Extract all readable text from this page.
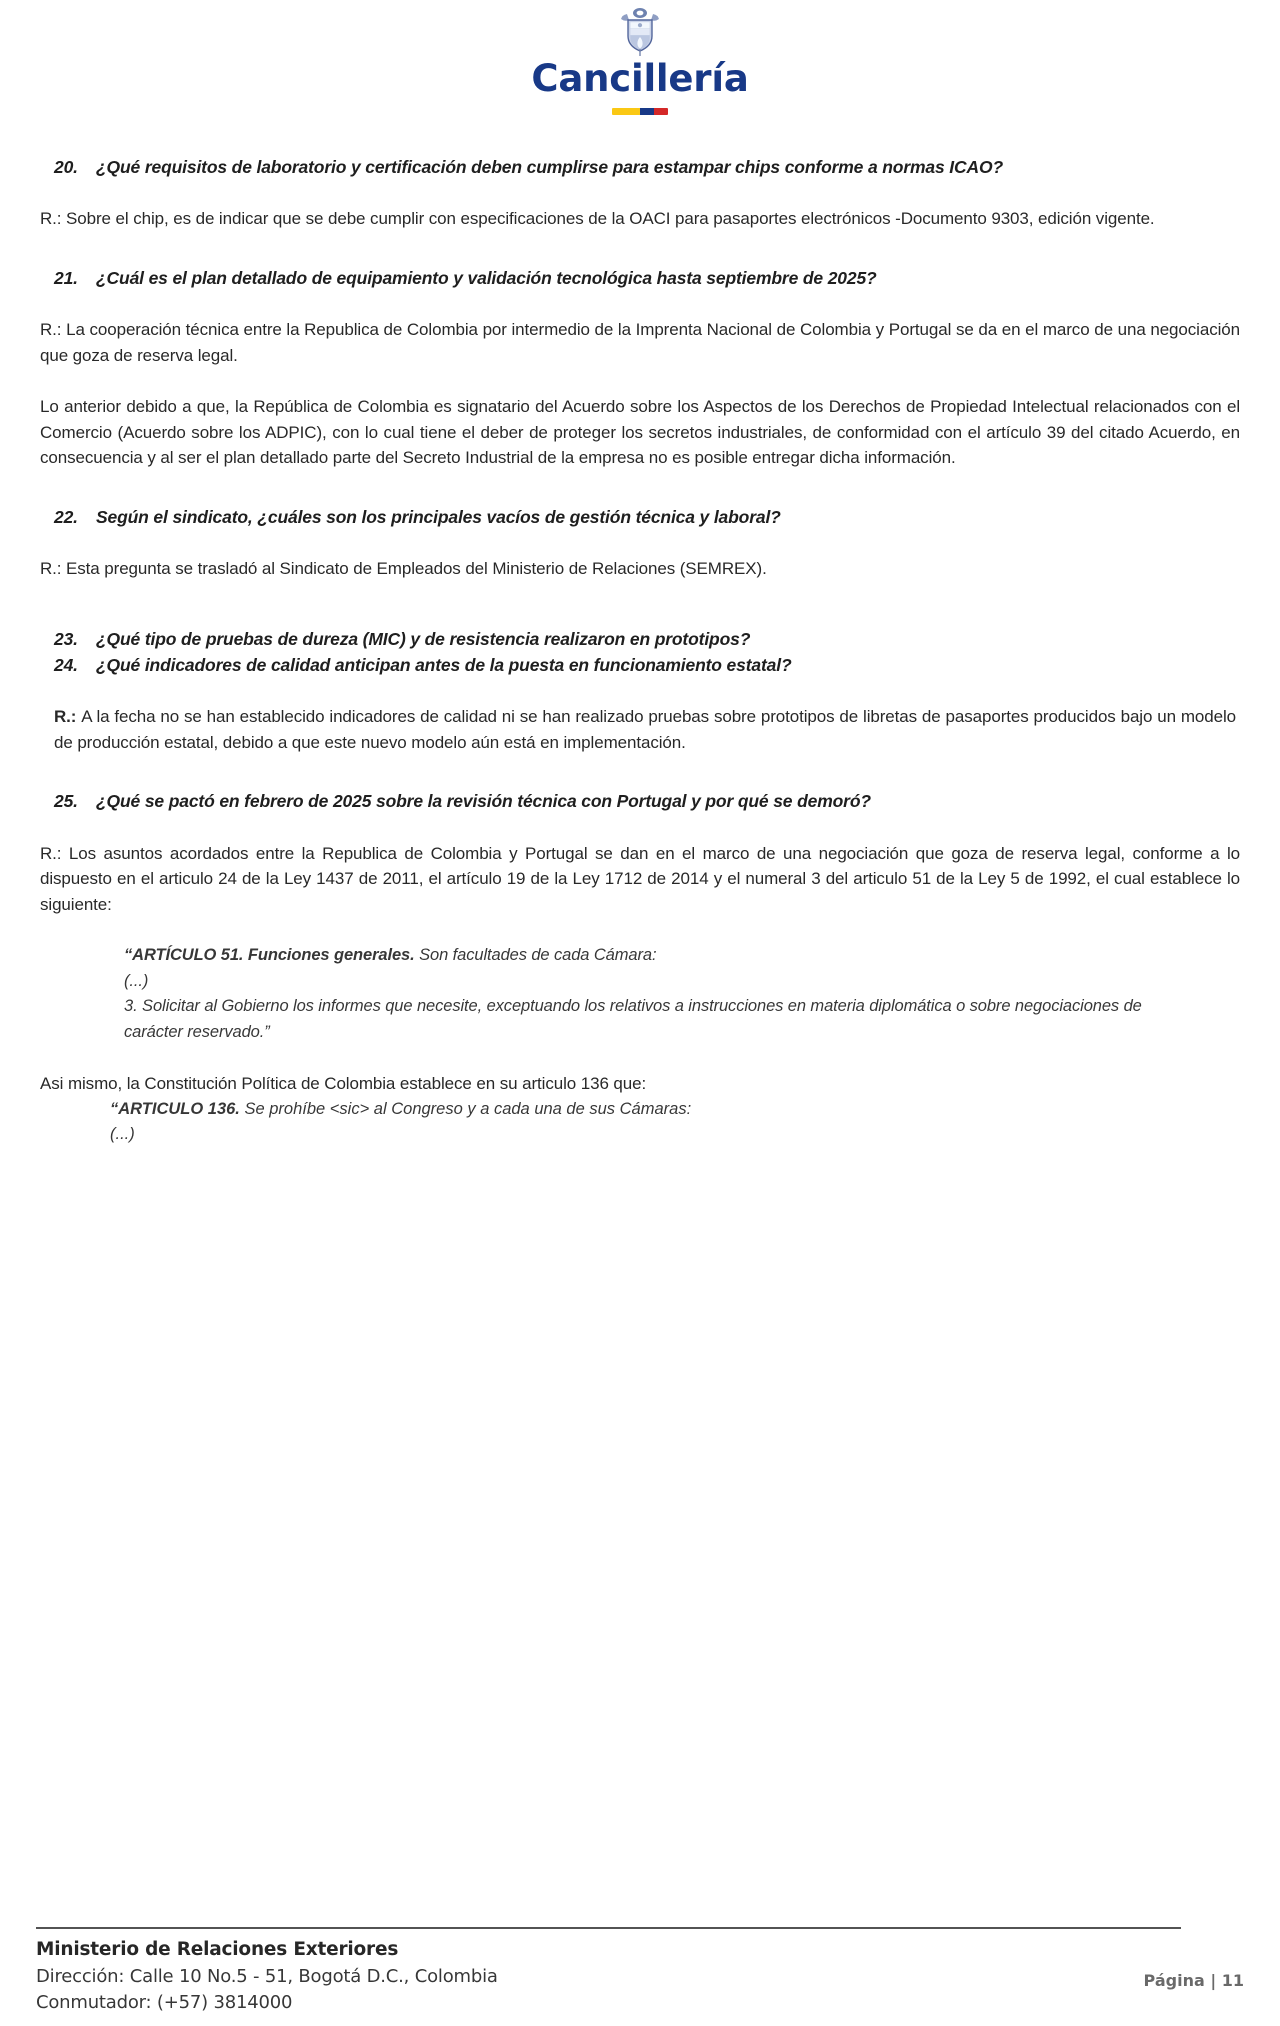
Cancillería
20.	¿Qué requisitos de laboratorio y certificación deben cumplirse para estampar chips conforme a normas ICAO?

R.: Sobre el chip, es de indicar que se debe cumplir con especificaciones de la OACI para pasaportes electrónicos -Documento 9303, edición vigente.

21.	¿Cuál es el plan detallado de equipamiento y validación tecnológica hasta septiembre de 2025?

R.: La cooperación técnica entre la Republica de Colombia por intermedio de la Imprenta Nacional de Colombia y Portugal se da en el marco de una negociación que goza de reserva legal.

Lo anterior debido a que, la República de Colombia es signatario del Acuerdo sobre los Aspectos de los Derechos de Propiedad Intelectual relacionados con el Comercio (Acuerdo sobre los ADPIC), con lo cual tiene el deber de proteger los secretos industriales, de conformidad con el artículo 39 del citado Acuerdo, en consecuencia y al ser el plan detallado parte del Secreto Industrial de la empresa no es posible entregar dicha información.

22.	Según el sindicato, ¿cuáles son los principales vacíos de gestión técnica y laboral?

R.: Esta pregunta se trasladó al Sindicato de Empleados del Ministerio de Relaciones (SEMREX).

23.	¿Qué tipo de pruebas de dureza (MIC) y de resistencia realizaron en prototipos?
24.	¿Qué indicadores de calidad anticipan antes de la puesta en funcionamiento estatal?

R.: A la fecha no se han establecido indicadores de calidad ni se han realizado pruebas sobre prototipos de libretas de pasaportes producidos bajo un modelo de producción estatal, debido a que este nuevo modelo aún está en implementación.

25.	¿Qué se pactó en febrero de 2025 sobre la revisión técnica con Portugal y por qué se demoró?

R.: Los asuntos acordados entre la Republica de Colombia y Portugal se dan en el marco de una negociación que goza de reserva legal, conforme a lo dispuesto en el articulo 24 de la Ley 1437 de 2011, el artículo 19 de la Ley 1712 de 2014 y el numeral 3 del articulo 51 de la Ley 5 de 1992, el cual establece lo siguiente:

“ARTÍCULO 51. Funciones generales. Son facultades de cada Cámara:

(...)

3. Solicitar al Gobierno los informes que necesite, exceptuando los relativos a instrucciones en materia diplomática o sobre negociaciones de carácter reservado.”

Asi mismo, la Constitución Política de Colombia establece en su articulo 136 que:

“ARTICULO 136. Se prohíbe <sic> al Congreso y a cada una de sus Cámaras:

(...)

Ministerio de Relaciones Exteriores
Dirección: Calle 10 No.5 - 51, Bogotá D.C., Colombia
Conmutador: (+57) 3814000
Página | 11
